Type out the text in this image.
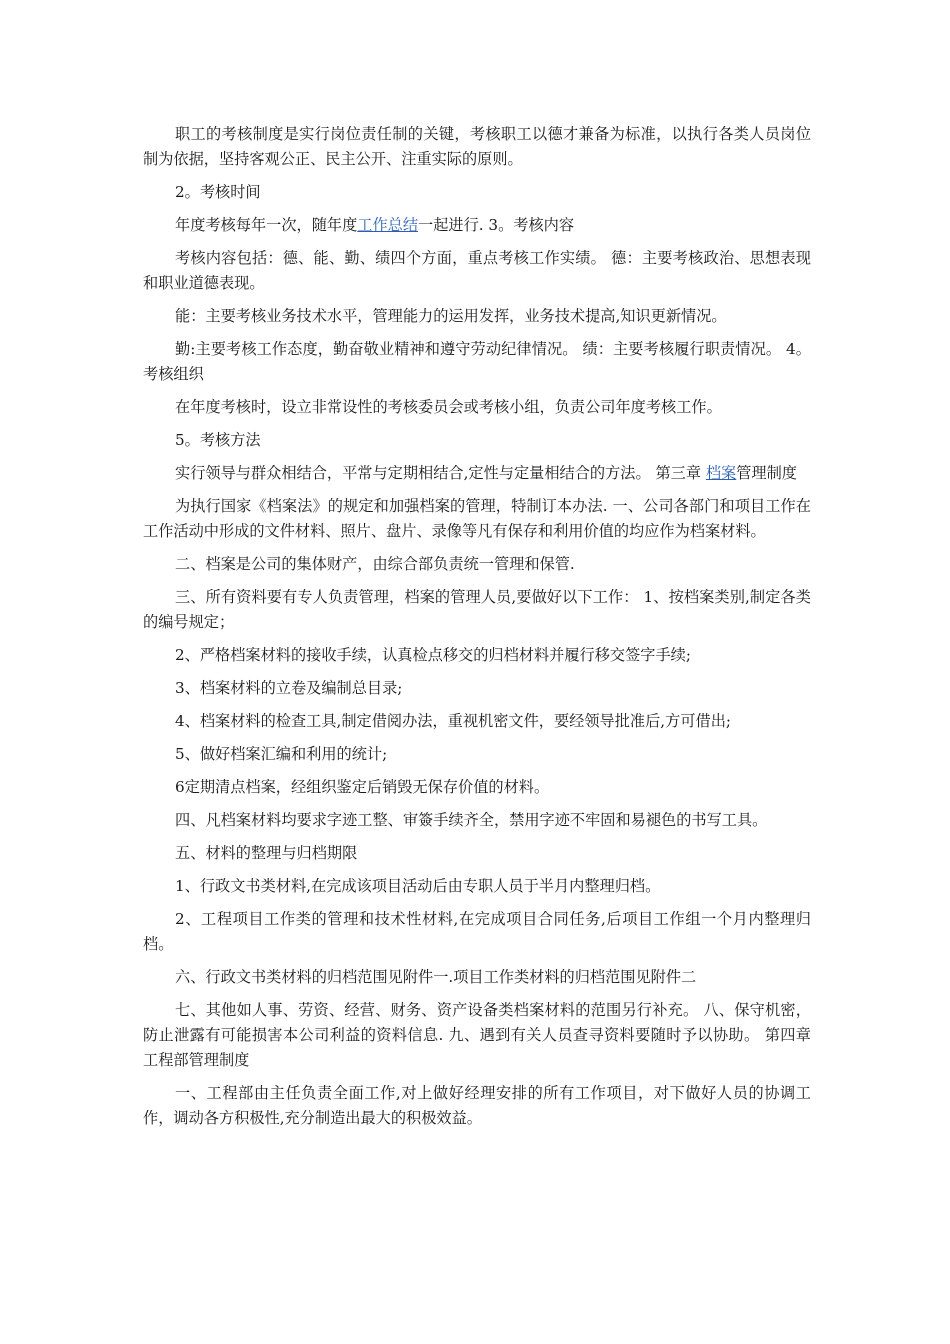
职工的考核制度是实行岗位责任制的关键，考核职工以德才兼备为标准，以执行各类人员岗位制为依据，坚持客观公正、民主公开、注重实际的原则。

2。考核时间

年度考核每年一次，随年度工作总结一起进行. 3。考核内容

考核内容包括：德、能、勤、绩四个方面，重点考核工作实绩。 德：主要考核政治、思想表现和职业道德表现。

能：主要考核业务技术水平，管理能力的运用发挥，业务技术提高,知识更新情况。

勤:主要考核工作态度，勤奋敬业精神和遵守劳动纪律情况。 绩：主要考核履行职责情况。 4。考核组织

在年度考核时，设立非常设性的考核委员会或考核小组，负责公司年度考核工作。

5。考核方法

实行领导与群众相结合，平常与定期相结合,定性与定量相结合的方法。 第三章 档案管理制度

为执行国家《档案法》的规定和加强档案的管理，特制订本办法. 一、公司各部门和项目工作在工作活动中形成的文件材料、照片、盘片、录像等凡有保存和利用价值的均应作为档案材料。

二、档案是公司的集体财产，由综合部负责统一管理和保管.

三、所有资料要有专人负责管理，档案的管理人员,要做好以下工作： 1、按档案类别,制定各类的编号规定；

2、严格档案材料的接收手续，认真检点移交的归档材料并履行移交签字手续;

3、档案材料的立卷及编制总目录;

4、档案材料的检查工具,制定借阅办法，重视机密文件，要经领导批准后,方可借出;

5、做好档案汇编和利用的统计;

6定期清点档案，经组织鉴定后销毁无保存价值的材料。

四、凡档案材料均要求字迹工整、审簽手续齐全，禁用字迹不牢固和易褪色的书写工具。

五、材料的整理与归档期限

1、行政文书类材料,在完成该项目活动后由专职人员于半月内整理归档。

2、工程项目工作类的管理和技术性材料,在完成项目合同任务,后项目工作组一个月内整理归档。

六、行政文书类材料的归档范围见附件一.项目工作类材料的归档范围见附件二

七、其他如人事、劳资、经营、财务、资产设备类档案材料的范围另行补充。 八、保守机密，防止泄露有可能损害本公司利益的资料信息. 九、遇到有关人员查寻资料要随时予以协助。 第四章 工程部管理制度

一、工程部由主任负责全面工作,对上做好经理安排的所有工作项目，对下做好人员的协调工作，调动各方积极性,充分制造出最大的积极效益。
